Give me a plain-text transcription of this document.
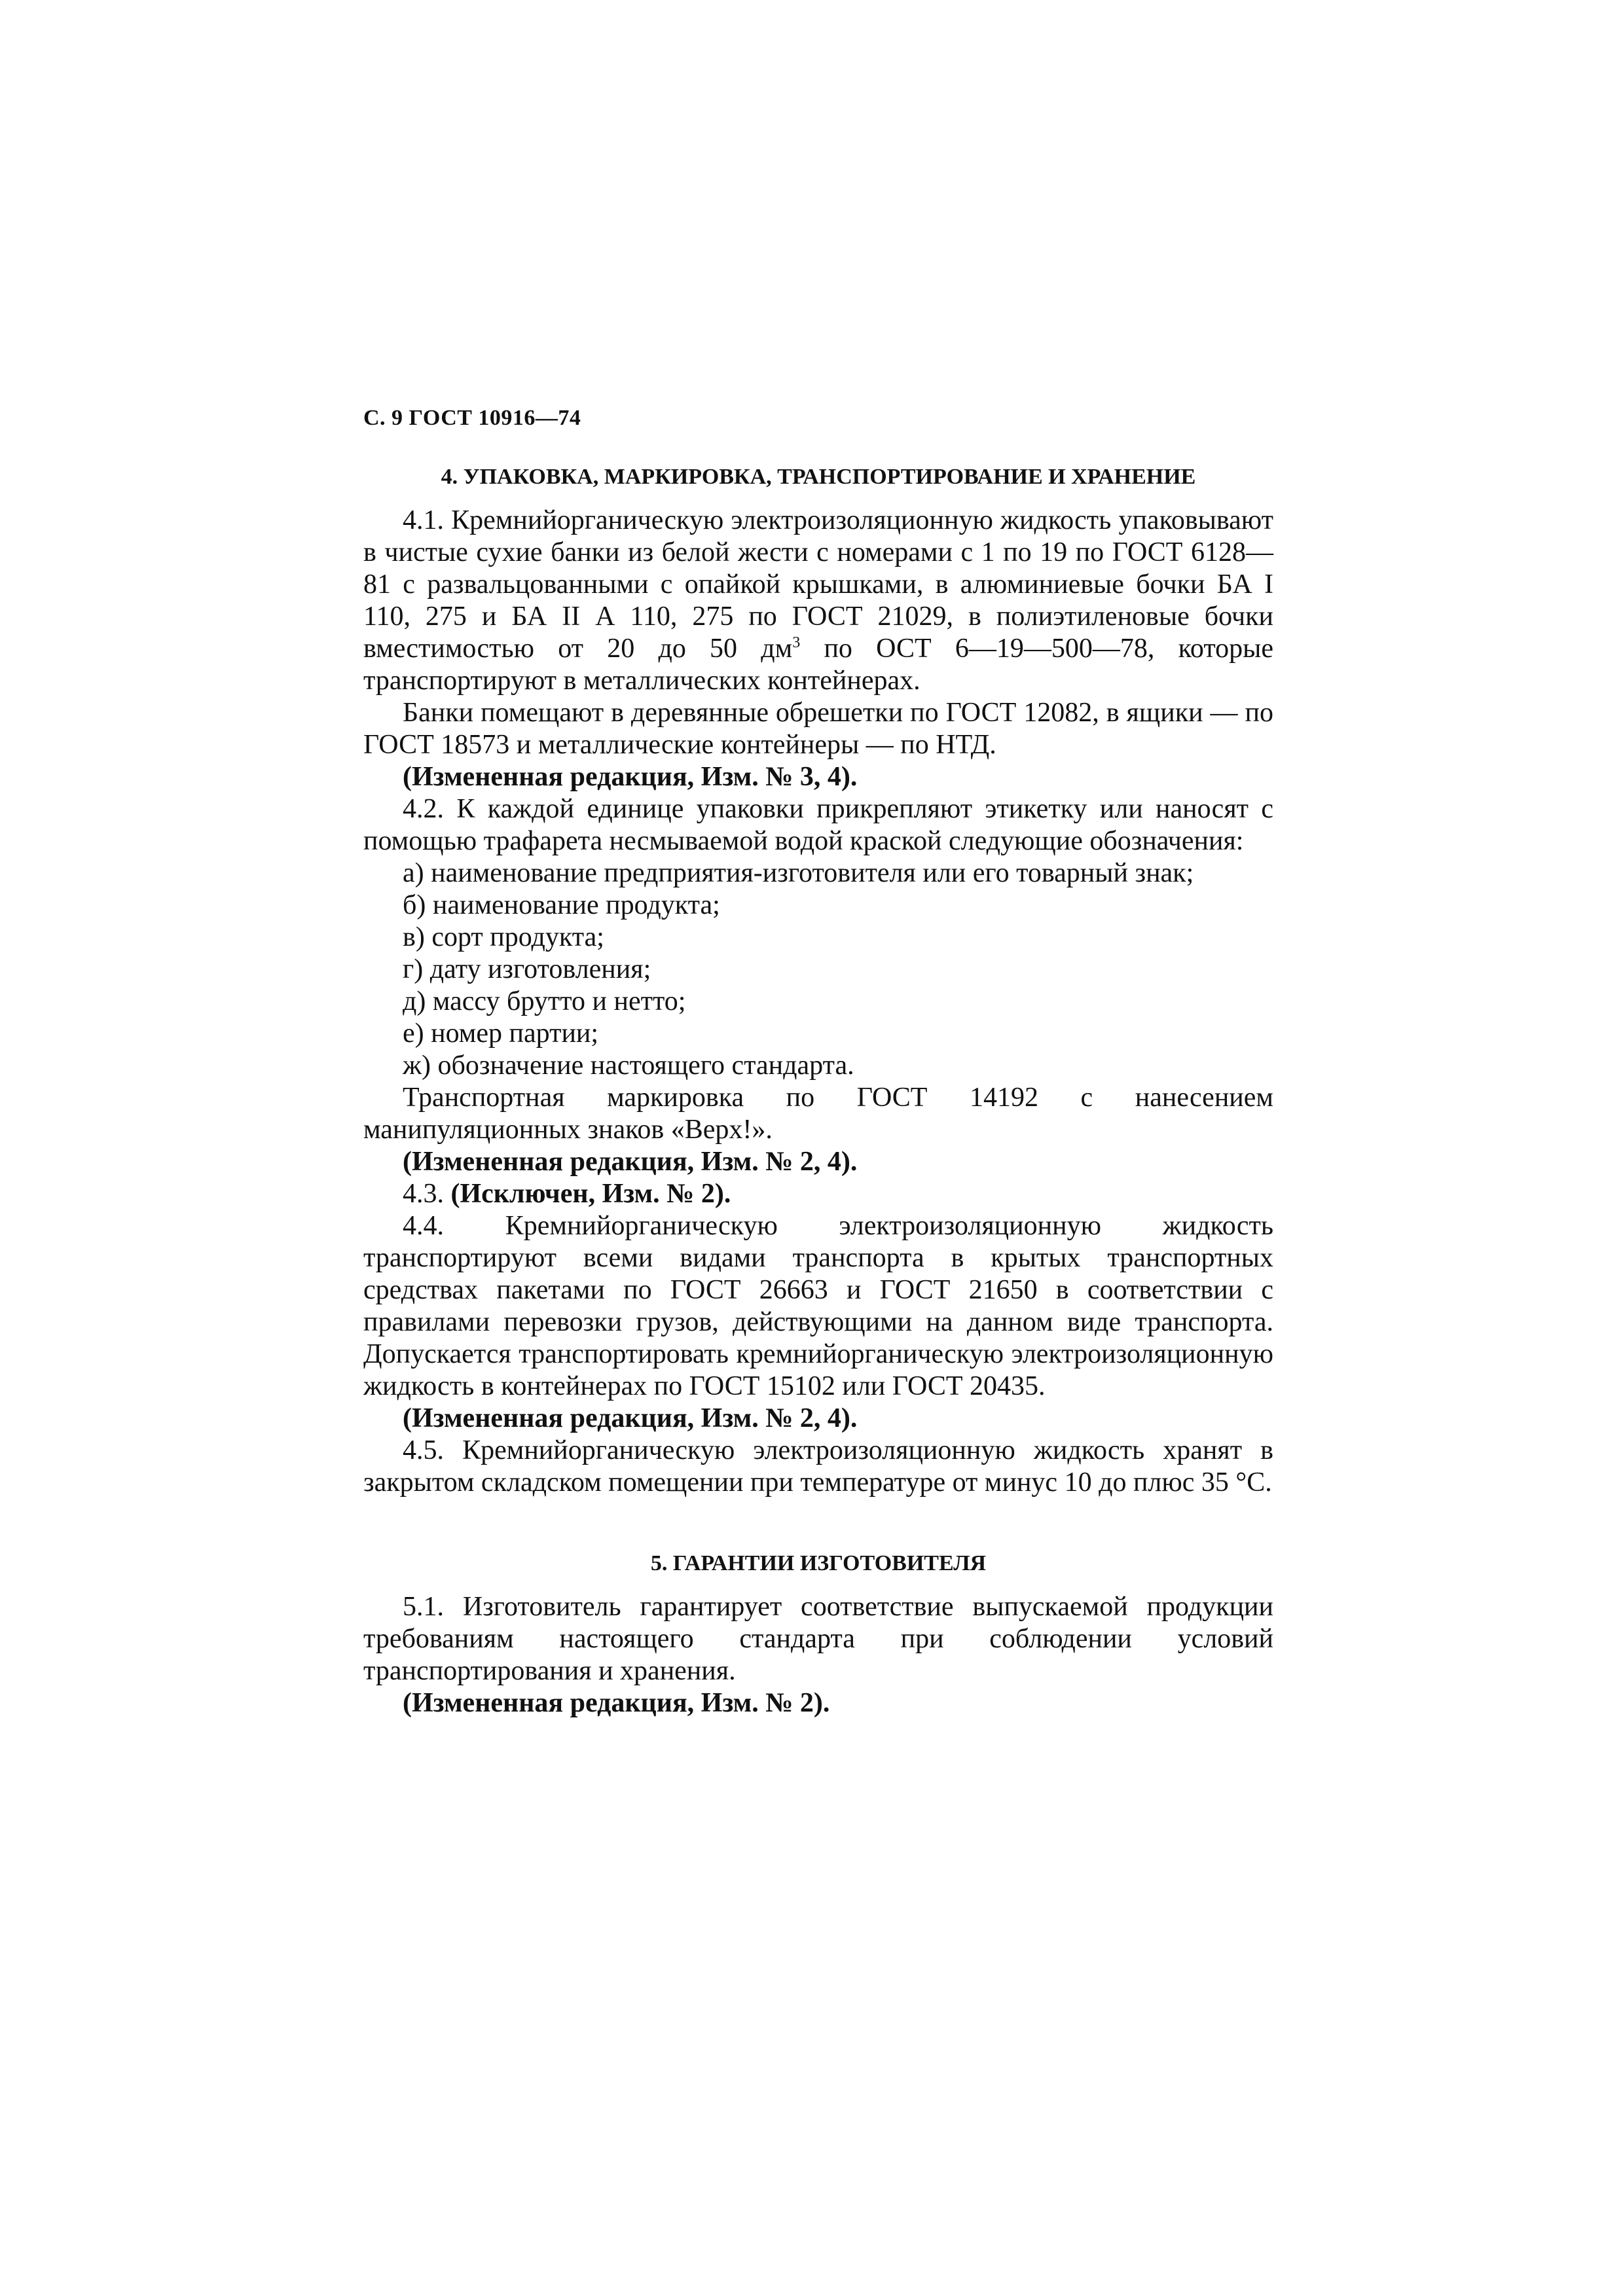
С. 9 ГОСТ 10916—74
4. УПАКОВКА, МАРКИРОВКА, ТРАНСПОРТИРОВАНИЕ И ХРАНЕНИЕ

4.1. Кремнийорганическую электроизоляционную жидкость упаковывают в чистые сухие банки из белой жести с номерами с 1 по 19 по ГОСТ 6128—81 с развальцованными с опайкой крышками, в алюминиевые бочки БА I 110, 275 и БА II А 110, 275 по ГОСТ 21029, в полиэтиленовые бочки вместимостью от 20 до 50 $дм^3$ по ОСТ 6—19—500—78, которые транспортируют в металлических контейнерах.

Банки помещают в деревянные обрешетки по ГОСТ 12082, в ящики — по ГОСТ 18573 и металлические контейнеры — по НТД.

(Измененная редакция, Изм. № 3, 4).

4.2. К каждой единице упаковки прикрепляют этикетку или наносят с помощью трафарета несмываемой водой краской следующие обозначения:

а) наименование предприятия-изготовителя или его товарный знак;

б) наименование продукта;

в) сорт продукта;

г) дату изготовления;

д) массу брутто и нетто;

е) номер партии;

ж) обозначение настоящего стандарта.

Транспортная маркировка по ГОСТ 14192 с нанесением манипуляционных знаков «Верх!».

(Измененная редакция, Изм. № 2, 4).

4.3. (Исключен, Изм. № 2).

4.4. Кремнийорганическую электроизоляционную жидкость транспортируют всеми видами транспорта в крытых транспортных средствах пакетами по ГОСТ 26663 и ГОСТ 21650 в соответствии с правилами перевозки грузов, действующими на данном виде транспорта. Допускается транспортировать кремнийорганическую электроизоляционную жидкость в контейнерах по ГОСТ 15102 или ГОСТ 20435.

(Измененная редакция, Изм. № 2, 4).

4.5. Кремнийорганическую электроизоляционную жидкость хранят в закрытом складском помещении при температуре от минус 10 до плюс 35 °С.

5. ГАРАНТИИ ИЗГОТОВИТЕЛЯ

5.1. Изготовитель гарантирует соответствие выпускаемой продукции требованиям настоящего стандарта при соблюдении условий транспортирования и хранения.

(Измененная редакция, Изм. № 2).
